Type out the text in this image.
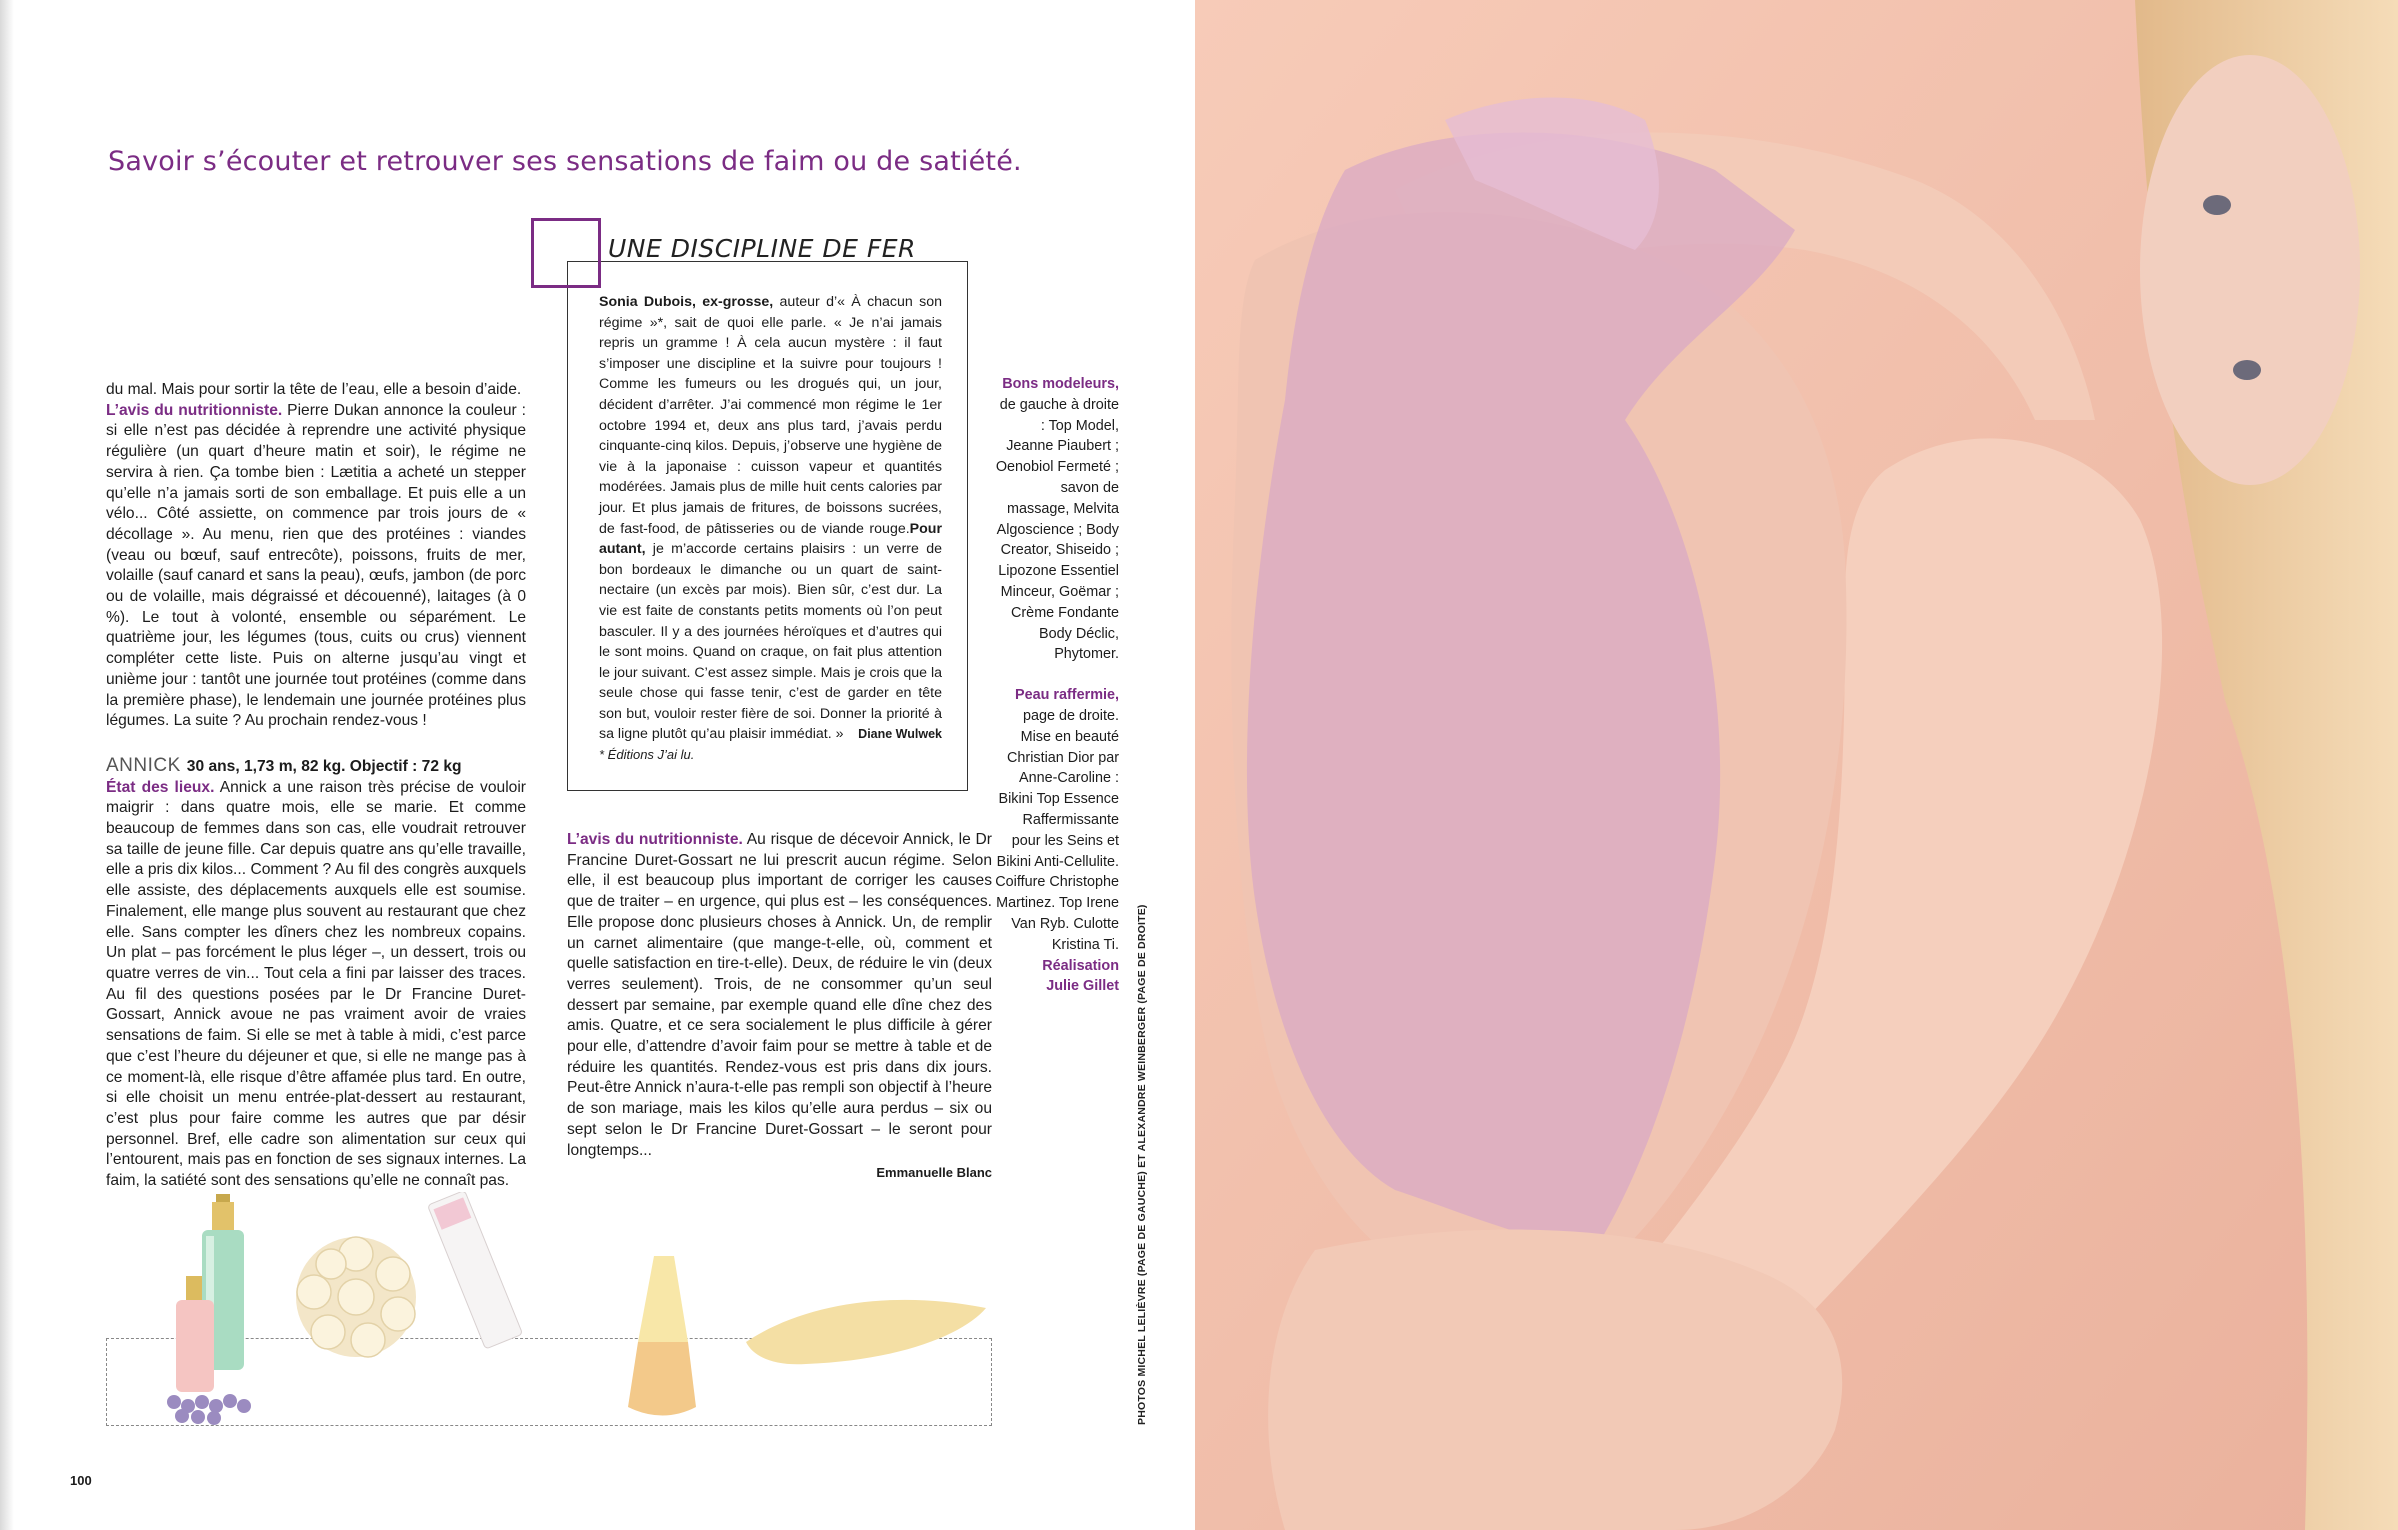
Savoir s’écouter et retrouver ses sensations de faim ou de satiété.

du mal. Mais pour sortir la tête de l’eau, elle a besoin d’aide.

L’avis du nutritionniste. Pierre Dukan annonce la couleur : si elle n’est pas décidée à reprendre une activité physique régulière (un quart d’heure matin et soir), le régime ne servira à rien. Ça tombe bien : Lætitia a acheté un stepper qu’elle n’a jamais sorti de son emballage. Et puis elle a un vélo... Côté assiette, on commence par trois jours de « décollage ». Au menu, rien que des protéines : viandes (veau ou bœuf, sauf entrecôte), poissons, fruits de mer, volaille (sauf canard et sans la peau), œufs, jambon (de porc ou de volaille, mais dégraissé et découenné), laitages (à 0 %). Le tout à volonté, ensemble ou séparément. Le quatrième jour, les légumes (tous, cuits ou crus) viennent compléter cette liste. Puis on alterne jusqu’au vingt et unième jour : tantôt une journée tout protéines (comme dans la première phase), le lendemain une journée protéines plus légumes. La suite ? Au prochain rendez-vous !

ANNICK 30 ans, 1,73 m, 82 kg. Objectif : 72 kg

État des lieux. Annick a une raison très précise de vouloir maigrir : dans quatre mois, elle se marie. Et comme beaucoup de femmes dans son cas, elle voudrait retrouver sa taille de jeune fille. Car depuis quatre ans qu’elle travaille, elle a pris dix kilos... Comment ? Au fil des congrès auxquels elle assiste, des déplacements auxquels elle est soumise. Finalement, elle mange plus souvent au restaurant que chez elle. Sans compter les dîners chez les nombreux copains. Un plat – pas forcément le plus léger –, un dessert, trois ou quatre verres de vin... Tout cela a fini par laisser des traces. Au fil des questions posées par le Dr Francine Duret-Gossart, Annick avoue ne pas vraiment avoir de vraies sensations de faim. Si elle se met à table à midi, c’est parce que c’est l’heure du déjeuner et que, si elle ne mange pas à ce moment-là, elle risque d’être affamée plus tard. En outre, si elle choisit un menu entrée-plat-dessert au restaurant, c’est plus pour faire comme les autres que par désir personnel. Bref, elle cadre son alimentation sur ceux qui l’entourent, mais pas en fonction de ses signaux internes. La faim, la satiété sont des sensations qu’elle ne connaît pas.

UNE DISCIPLINE DE FER

Sonia Dubois, ex-grosse, auteur d’« À chacun son régime »*, sait de quoi elle parle. « Je n’ai jamais repris un gramme ! À cela aucun mystère : il faut s’imposer une discipline et la suivre pour toujours ! Comme les fumeurs ou les drogués qui, un jour, décident d’arrêter. J’ai commencé mon régime le 1er octobre 1994 et, deux ans plus tard, j’avais perdu cinquante-cinq kilos. Depuis, j’observe une hygiène de vie à la japonaise : cuisson vapeur et quantités modérées. Jamais plus de mille huit cents calories par jour. Et plus jamais de fritures, de boissons sucrées, de fast-food, de pâtisseries ou de viande rouge.Pour autant, je m’accorde certains plaisirs : un verre de bon bordeaux le dimanche ou un quart de saint-nectaire (un excès par mois). Bien sûr, c’est dur. La vie est faite de constants petits moments où l’on peut basculer. Il y a des journées héroïques et d’autres qui le sont moins. Quand on craque, on fait plus attention le jour suivant. C’est assez simple. Mais je crois que la seule chose qui fasse tenir, c’est de garder en tête son but, vouloir rester fière de soi. Donner la priorité à sa ligne plutôt qu’au plaisir immédiat. » Diane Wulwek

* Éditions J’ai lu.

L’avis du nutritionniste. Au risque de décevoir Annick, le Dr Francine Duret-Gossart ne lui prescrit aucun régime. Selon elle, il est beaucoup plus important de corriger les causes que de traiter – en urgence, qui plus est – les conséquences. Elle propose donc plusieurs choses à Annick. Un, de remplir un carnet alimentaire (que mange-t-elle, où, comment et quelle satisfaction en tire-t-elle). Deux, de réduire le vin (deux verres seulement). Trois, de ne consommer qu’un seul dessert par semaine, par exemple quand elle dîne chez des amis. Quatre, et ce sera socialement le plus difficile à gérer pour elle, d’attendre d’avoir faim pour se mettre à table et de réduire les quantités. Rendez-vous est pris dans dix jours. Peut-être Annick n’aura-t-elle pas rempli son objectif à l’heure de son mariage, mais les kilos qu’elle aura perdus – six ou sept selon le Dr Francine Duret-Gossart – le seront pour longtemps...

Emmanuelle Blanc

Bons modeleurs, de gauche à droite : Top Model, Jeanne Piaubert ; Oenobiol Fermeté ; savon de massage, Melvita Algoscience ; Body Creator, Shiseido ; Lipozone Essentiel Minceur, Goëmar ; Crème Fondante Body Déclic, Phytomer.

Peau raffermie, page de droite. Mise en beauté Christian Dior par Anne-Caroline : Bikini Top Essence Raffermissante pour les Seins et Bikini Anti-Cellulite. Coiffure Christophe Martinez. Top Irene Van Ryb. Culotte Kristina Ti.

Réalisation
Julie Gillet PHOTOS MICHEL LELIÈVRE (PAGE DE GAUCHE) ET ALEXANDRE WEINBERGER (PAGE DE DROITE)
100
